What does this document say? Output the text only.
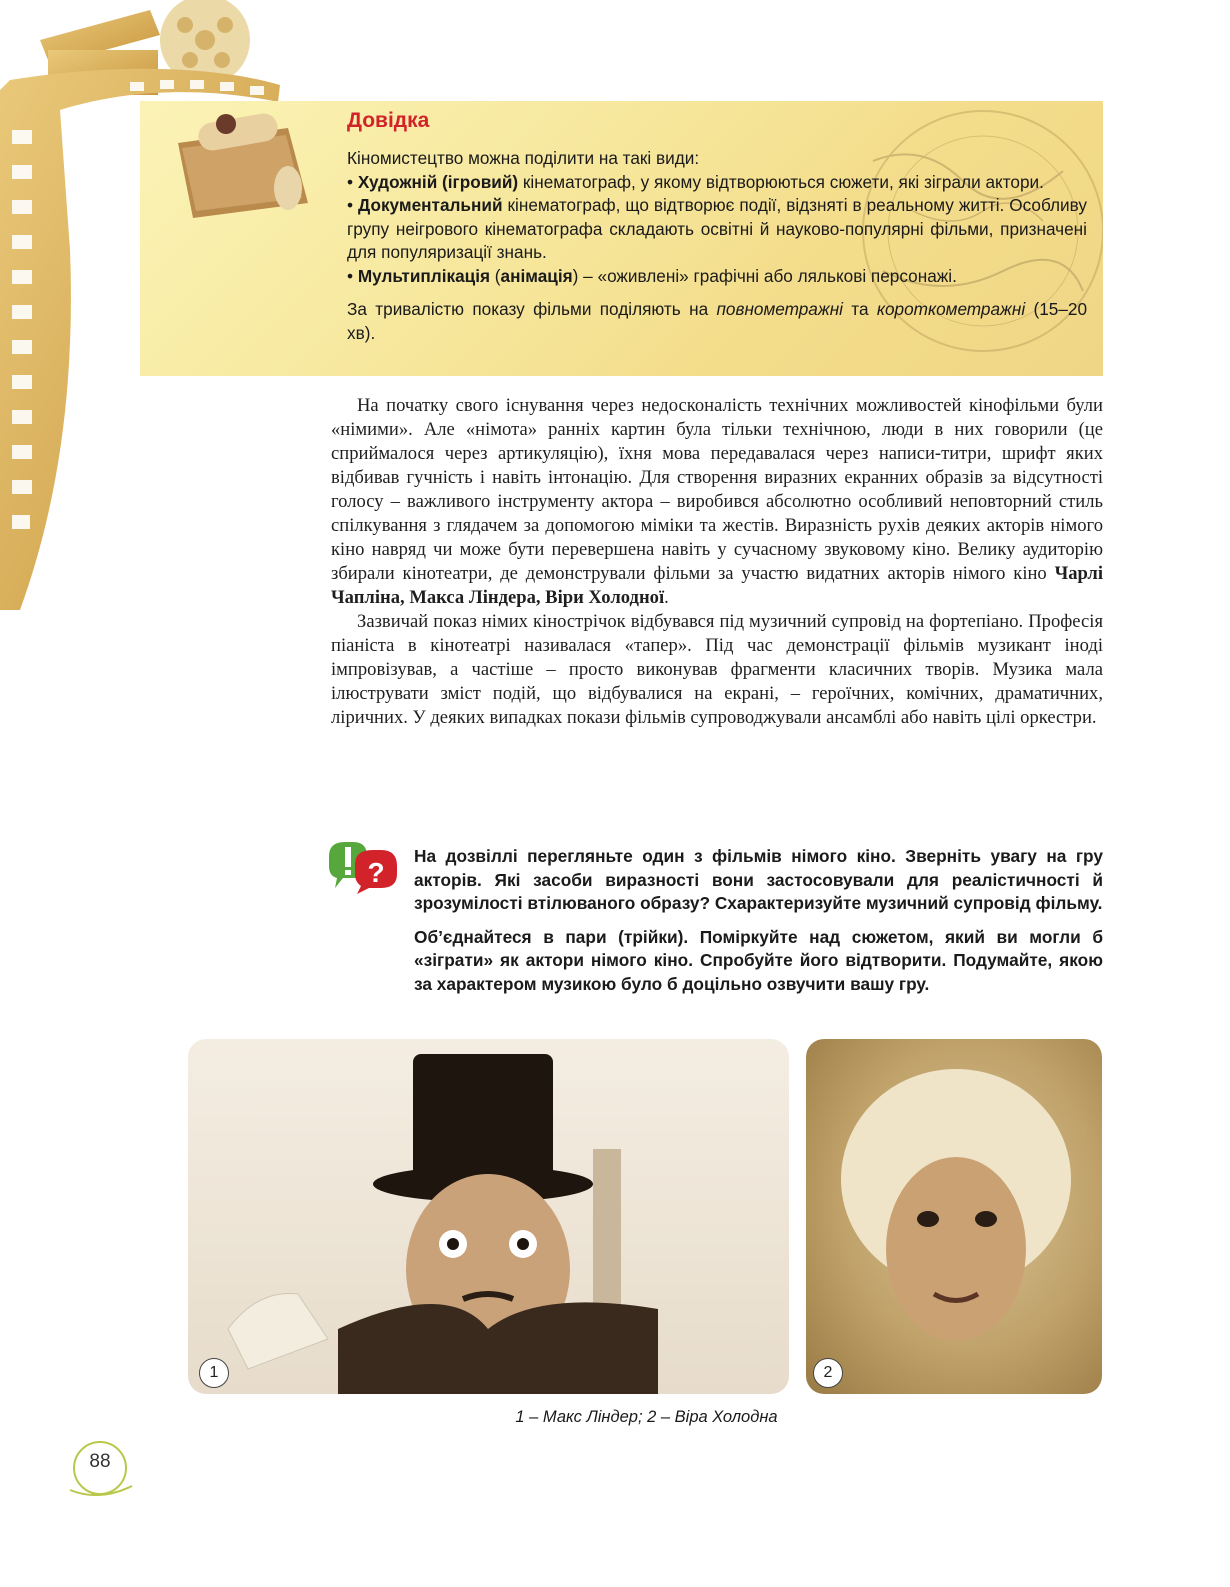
Довідка

Кіномистецтво можна поділити на такі види:

• Художній (ігровий) кінематограф, у якому відтворюються сюжети, які зіграли актори.

• Документальний кінематограф, що відтворює події, відзняті в реальному житті. Особливу групу неігрового кінематографа складають освітні й науково-популярні фільми, призначені для популяризації знань.

• Мультиплікація (анімація) – «оживлені» графічні або лялькові персонажі.

За тривалістю показу фільми поділяють на повнометражні та короткометражні (15–20 хв).

На початку свого існування через недосконалість технічних можливостей кінофільми були «німими». Але «німота» ранніх картин була тільки технічною, люди в них говорили (це сприймалося через артикуляцію), їхня мова передавалася через написи-титри, шрифт яких відбивав гучність і навіть інтонацію. Для створення виразних екранних образів за відсутності голосу – важливого інструменту актора – виробився абсолютно особливий неповторний стиль спілкування з глядачем за допомогою міміки та жестів. Виразність рухів деяких акторів німого кіно навряд чи може бути перевершена навіть у сучасному звуковому кіно. Велику аудиторію збирали кінотеатри, де демонстрували фільми за участю видатних акторів німого кіно Чарлі Чапліна, Макса Ліндера, Віри Холодної.

Зазвичай показ німих кінострічок відбувався під музичний супровід на фортепіано. Професія піаніста в кінотеатрі називалася «тапер». Під час демонстрації фільмів музикант іноді імпровізував, а частіше – просто виконував фрагменти класичних творів. Музика мала ілюструвати зміст подій, що відбувалися на екрані, – героїчних, комічних, драматичних, ліричних. У деяких випадках покази фільмів супроводжували ансамблі або навіть цілі оркестри.

?

На дозвіллі перегляньте один з фільмів німого кіно. Зверніть увагу на гру акторів. Які засоби виразності вони застосовували для реалістичності й зрозумілості втілюваного образу? Схарактеризуйте музичний супровід фільму.

Об’єднайтеся в пари (трійки). Поміркуйте над сюжетом, який ви могли б «зіграти» як актори німого кіно. Спробуйте його відтворити. Подумайте, якою за характером музикою було б доцільно озвучити вашу гру.

1	2
1 – Макс Ліндер; 2 – Віра Холодна
88
